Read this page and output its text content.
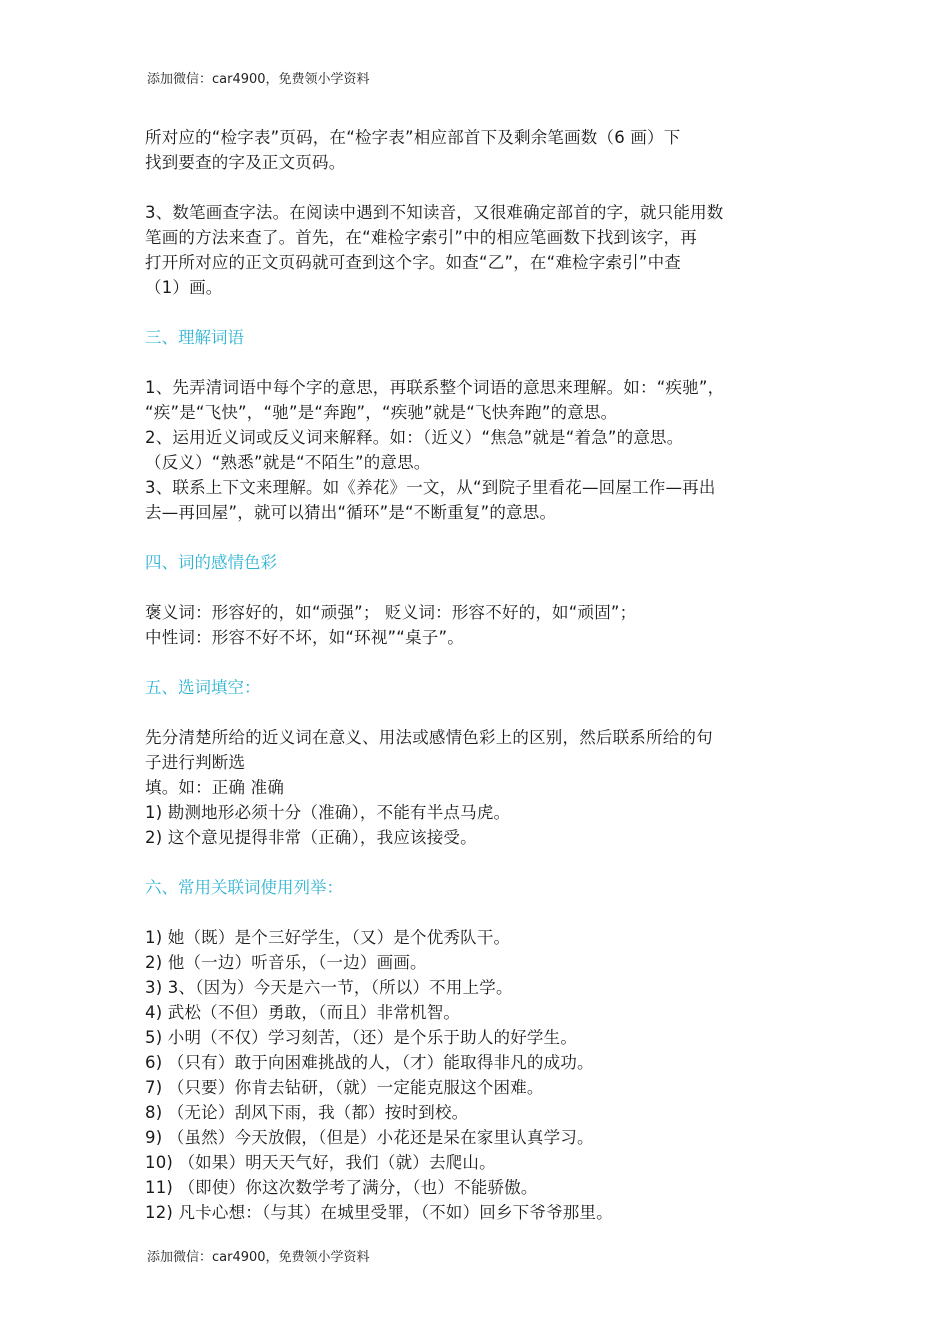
添加微信：car4900，免费领小学资料
所对应的“检字表”页码，在“检字表”相应部首下及剩余笔画数（6 画）下
找到要查的字及正文页码。
3、数笔画查字法。在阅读中遇到不知读音，又很难确定部首的字，就只能用数
笔画的方法来查了。首先，在“难检字索引”中的相应笔画数下找到该字，再
打开所对应的正文页码就可查到这个字。如查“乙”，在“难检字索引”中查
（1）画。
三、理解词语
1、先弄清词语中每个字的意思，再联系整个词语的意思来理解。如：“疾驰”，
“疾”是“飞快”，“驰”是“奔跑”，“疾驰”就是“飞快奔跑”的意思。
2、运用近义词或反义词来解释。如：（近义）“焦急”就是“着急”的意思。
（反义）“熟悉”就是“不陌生”的意思。
3、联系上下文来理解。如《养花》一文，从“到院子里看花—回屋工作—再出
去—再回屋”，就可以猜出“循环”是“不断重复”的意思。
四、词的感情色彩
褒义词：形容好的，如“顽强”； 贬义词：形容不好的，如“顽固”；
中性词：形容不好不坏，如“环视”“桌子”。
五、选词填空：
先分清楚所给的近义词在意义、用法或感情色彩上的区别，然后联系所给的句
子进行判断选
填。如：正确 准确
1) 勘测地形必须十分（准确），不能有半点马虎。
2) 这个意见提得非常（正确），我应该接受。
六、常用关联词使用列举：
1) 她（既）是个三好学生，（又）是个优秀队干。
2) 他（一边）听音乐，（一边）画画。
3) 3、（因为）今天是六一节，（所以）不用上学。
4) 武松（不但）勇敢，（而且）非常机智。
5) 小明（不仅）学习刻苦，（还）是个乐于助人的好学生。
6) （只有）敢于向困难挑战的人，（才）能取得非凡的成功。
7) （只要）你肯去钻研，（就）一定能克服这个困难。
8) （无论）刮风下雨，我（都）按时到校。
9) （虽然）今天放假，（但是）小花还是呆在家里认真学习。
10) （如果）明天天气好，我们（就）去爬山。
11) （即使）你这次数学考了满分，（也）不能骄傲。
12) 凡卡心想：（与其）在城里受罪，（不如）回乡下爷爷那里。
添加微信：car4900，免费领小学资料
